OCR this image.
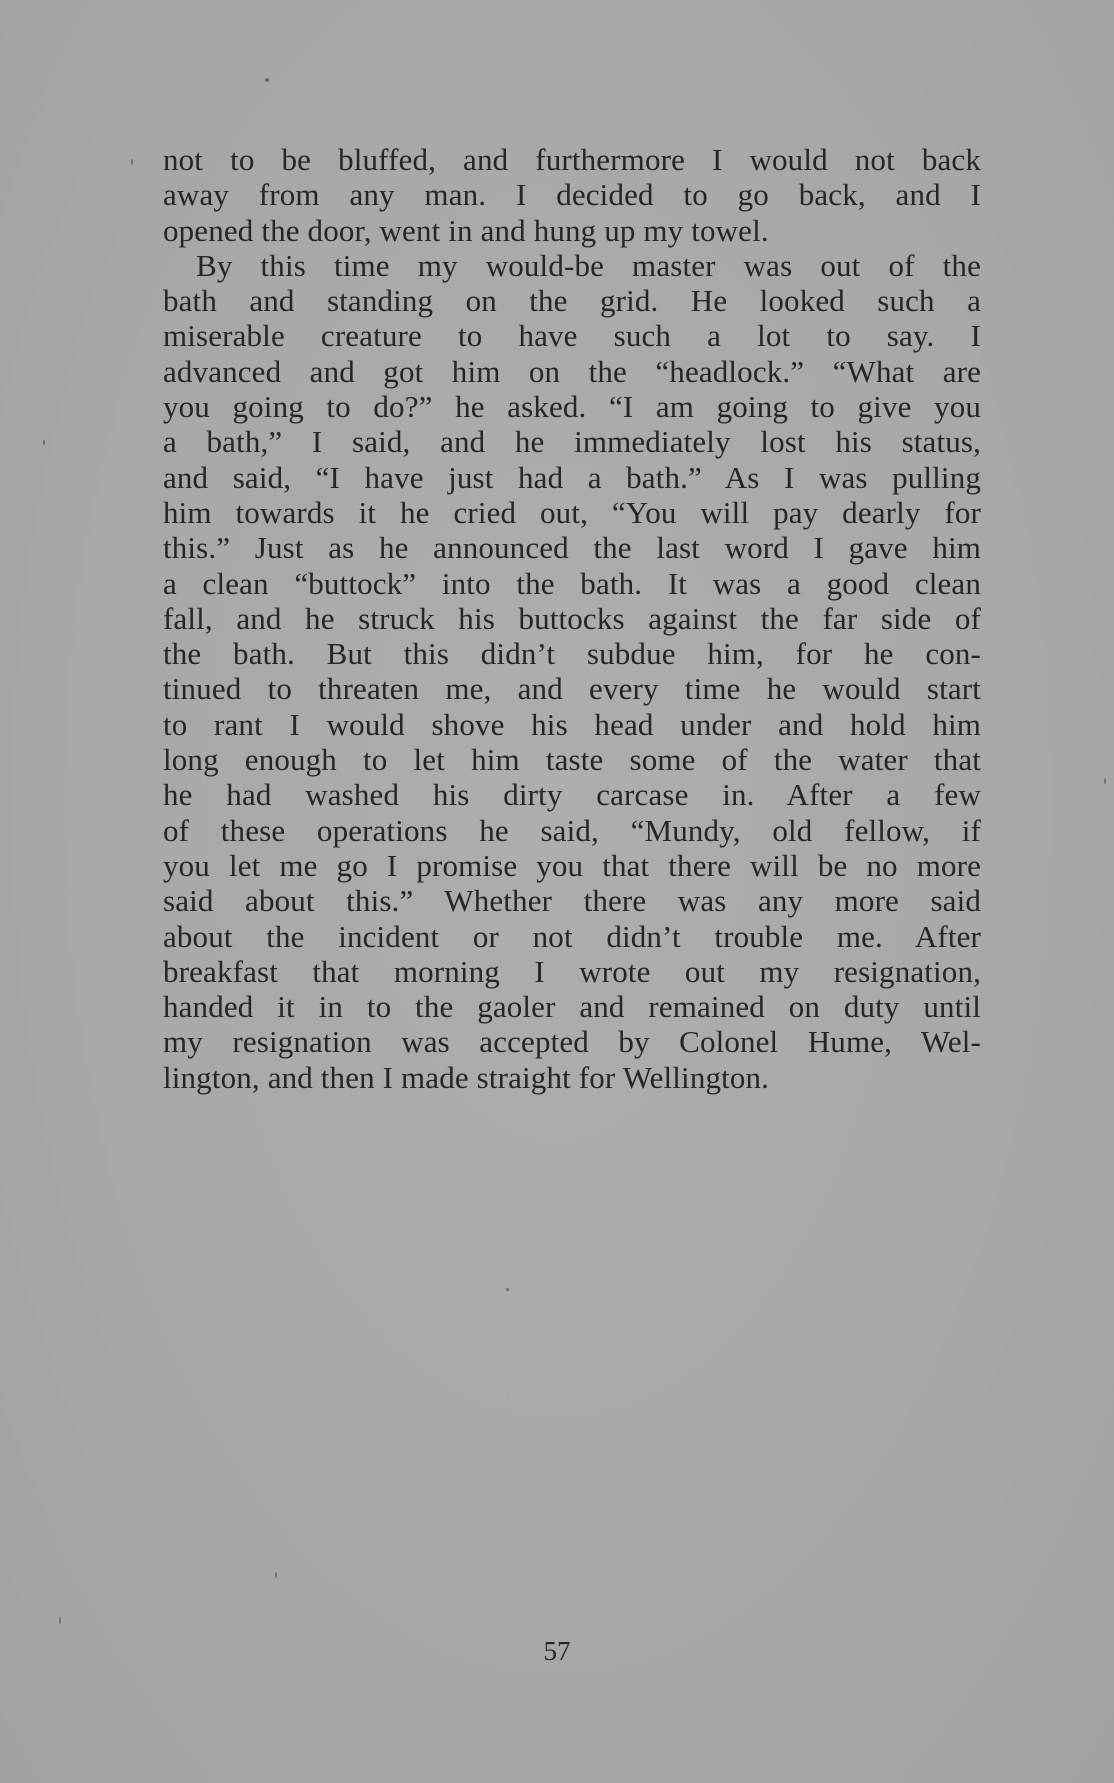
not to be bluffed, and furthermore I would not back
away from any man. I decided to go back, and I
opened the door, went in and hung up my towel.
By this time my would-be master was out of the
bath and standing on the grid. He looked such a
miserable creature to have such a lot to say. I
advanced and got him on the “headlock.” “What are
you going to do?” he asked. “I am going to give you
a bath,” I said, and he immediately lost his status,
and said, “I have just had a bath.” As I was pulling
him towards it he cried out, “You will pay dearly for
this.” Just as he announced the last word I gave him
a clean “buttock” into the bath. It was a good clean
fall, and he struck his buttocks against the far side of
the bath. But this didn’t subdue him, for he con-
tinued to threaten me, and every time he would start
to rant I would shove his head under and hold him
long enough to let him taste some of the water that
he had washed his dirty carcase in. After a few
of these operations he said, “Mundy, old fellow, if
you let me go I promise you that there will be no more
said about this.” Whether there was any more said
about the incident or not didn’t trouble me. After
breakfast that morning I wrote out my resignation,
handed it in to the gaoler and remained on duty until
my resignation was accepted by Colonel Hume, Wel-
lington, and then I made straight for Wellington.
57
